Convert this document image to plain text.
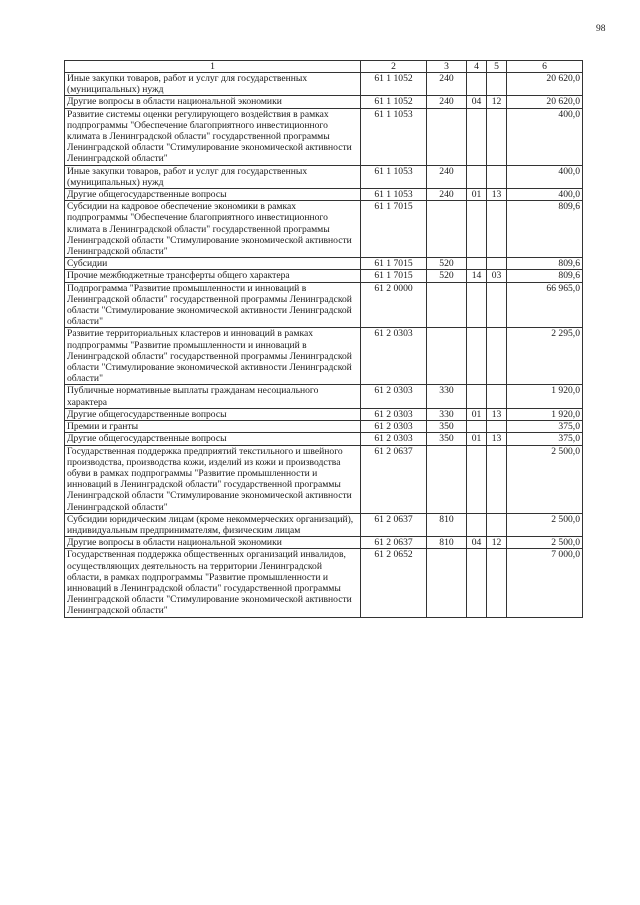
98
1	2	3	4	5	6
Иные закупки товаров, работ и услуг для государственных (муниципальных) нужд	61 1 1052	240			20 620,0
Другие вопросы в области национальной экономики	61 1 1052	240	04	12	20 620,0
Развитие системы оценки регулирующего воздействия в рамках подпрограммы "Обеспечение благоприятного инвестиционного климата в Ленинградской области" государственной программы Ленинградской области "Стимулирование экономической активности Ленинградской области"	61 1 1053				400,0
Иные закупки товаров, работ и услуг для государственных (муниципальных) нужд	61 1 1053	240			400,0
Другие общегосударственные вопросы	61 1 1053	240	01	13	400,0
Субсидии на кадровое обеспечение экономики в рамках подпрограммы "Обеспечение благоприятного инвестиционного климата в Ленинградской области" государственной программы Ленинградской области "Стимулирование экономической активности Ленинградской области"	61 1 7015				809,6
Субсидии	61 1 7015	520			809,6
Прочие межбюджетные трансферты общего характера	61 1 7015	520	14	03	809,6
Подпрограмма "Развитие промышленности и инноваций в Ленинградской области" государственной программы Ленинградской области "Стимулирование экономической активности Ленинградской области"	61 2 0000				66 965,0
Развитие территориальных кластеров и инноваций в рамках подпрограммы "Развитие промышленности и инноваций в Ленинградской области" государственной программы Ленинградской области "Стимулирование экономической активности Ленинградской области"	61 2 0303				2 295,0
Публичные нормативные выплаты гражданам несоциального характера	61 2 0303	330			1 920,0
Другие общегосударственные вопросы	61 2 0303	330	01	13	1 920,0
Премии и гранты	61 2 0303	350			375,0
Другие общегосударственные вопросы	61 2 0303	350	01	13	375,0
Государственная поддержка предприятий текстильного и швейного производства, производства кожи, изделий из кожи и производства обуви в рамках подпрограммы "Развитие промышленности и инноваций в Ленинградской области" государственной программы Ленинградской области "Стимулирование экономической активности Ленинградской области"	61 2 0637				2 500,0
Субсидии юридическим лицам (кроме некоммерческих организаций), индивидуальным предпринимателям, физическим лицам	61 2 0637	810			2 500,0
Другие вопросы в области национальной экономики	61 2 0637	810	04	12	2 500,0
Государственная поддержка общественных организаций инвалидов, осуществляющих деятельность на территории Ленинградской области, в рамках подпрограммы "Развитие промышленности и инноваций в Ленинградской области" государственной программы Ленинградской области "Стимулирование экономической активности Ленинградской области"	61 2 0652				7 000,0
